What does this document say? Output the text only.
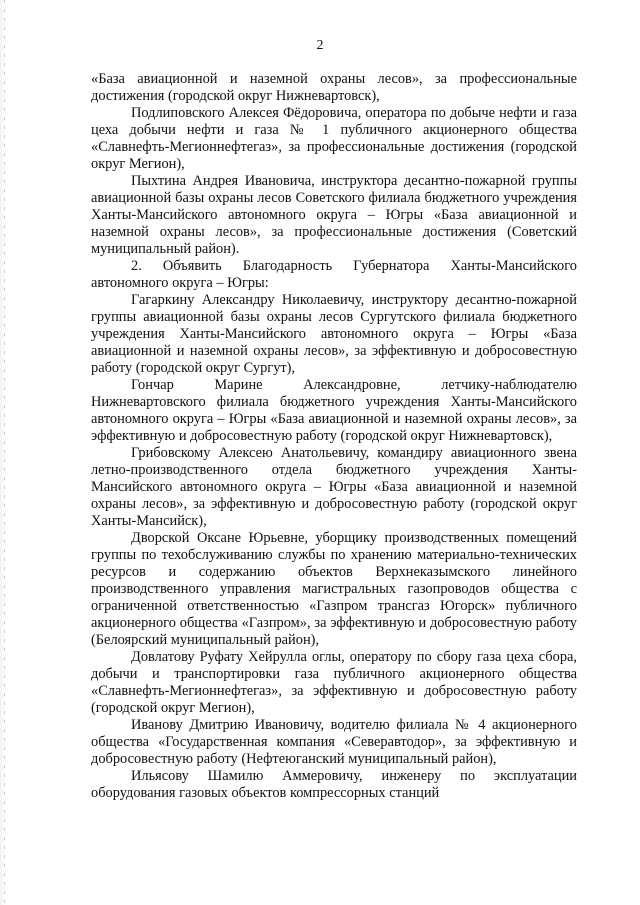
2

«База авиационной и наземной охраны лесов», за профессиональные достижения (городской округ Нижневартовск),

Подлиповского Алексея Фёдоровича, оператора по добыче нефти и газа цеха добычи нефти и газа № 1 публичного акционерного общества «Славнефть-Мегионнефтегаз», за профессиональные достижения (городской округ Мегион),

Пыхтина Андрея Ивановича, инструктора десантно-пожарной группы авиационной базы охраны лесов Советского филиала бюджетного учреждения Ханты-Мансийского автономного округа – Югры «База авиационной и наземной охраны лесов», за профессиональные достижения (Советский муниципальный район).

2. Объявить Благодарность Губернатора Ханты-Мансийского автономного округа – Югры:

Гагаркину Александру Николаевичу, инструктору десантно-пожарной группы авиационной базы охраны лесов Сургутского филиала бюджетного учреждения Ханты-Мансийского автономного округа – Югры «База авиационной и наземной охраны лесов», за эффективную и добросовестную работу (городской округ Сургут),

Гончар Марине Александровне, летчику-наблюдателю Нижневартовского филиала бюджетного учреждения Ханты-Мансийского автономного округа – Югры «База авиационной и наземной охраны лесов», за эффективную и добросовестную работу (городской округ Нижневартовск),

Грибовскому Алексею Анатольевичу, командиру авиационного звена летно-производственного отдела бюджетного учреждения Ханты-Мансийского автономного округа – Югры «База авиационной и наземной охраны лесов», за эффективную и добросовестную работу (городской округ Ханты-Мансийск),

Дворской Оксане Юрьевне, уборщику производственных помещений группы по техобслуживанию службы по хранению материально-технических ресурсов и содержанию объектов Верхнеказымского линейного производственного управления магистральных газопроводов общества с ограниченной ответственностью «Газпром трансгаз Югорск» публичного акционерного общества «Газпром», за эффективную и добросовестную работу (Белоярский муниципальный район),

Довлатову Руфату Хейрулла оглы, оператору по сбору газа цеха сбора, добычи и транспортировки газа публичного акционерного общества «Славнефть-Мегионнефтегаз», за эффективную и добросовестную работу (городской округ Мегион),

Иванову Дмитрию Ивановичу, водителю филиала № 4 акционерного общества «Государственная компания «Северавтодор», за эффективную и добросовестную работу (Нефтеюганский муниципальный район),

Ильясову Шамилю Аммеровичу, инженеру по эксплуатации оборудования газовых объектов компрессорных станций
